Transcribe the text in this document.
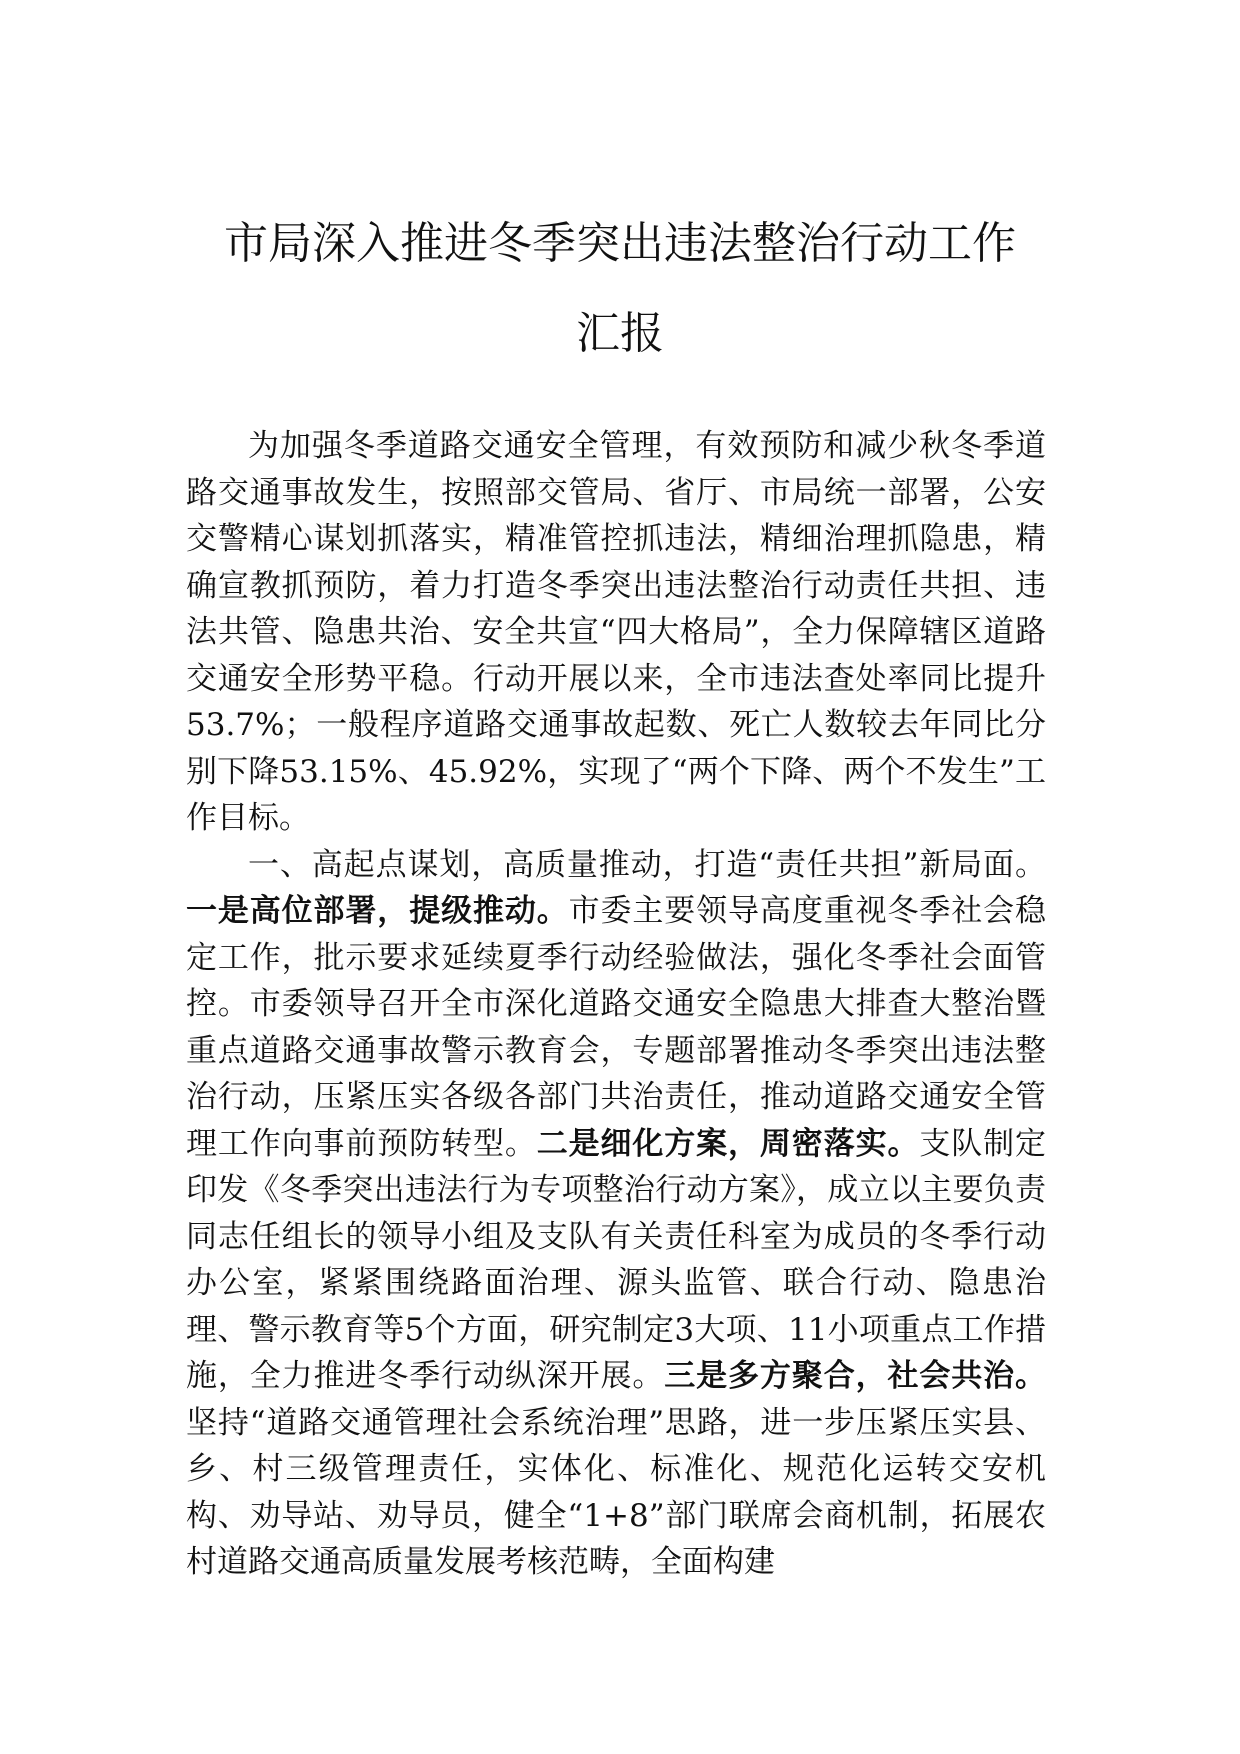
市局深入推进冬季突出违法整治行动工作
汇报

为加强冬季道路交通安全管理，有效预防和减少秋冬季道路交通事故发生，按照部交管局、省厅、市局统一部署，公安交警精心谋划抓落实，精准管控抓违法，精细治理抓隐患，精确宣教抓预防，着力打造冬季突出违法整治行动责任共担、违法共管、隐患共治、安全共宣“四大格局”，全力保障辖区道路交通安全形势平稳。行动开展以来，全市违法查处率同比提升53.7%；一般程序道路交通事故起数、死亡人数较去年同比分别下降53.15%、45.92%，实现了“两个下降、两个不发生”工作目标。

一、高起点谋划，高质量推动，打造“责任共担”新局面。一是高位部署，提级推动。市委主要领导高度重视冬季社会稳定工作，批示要求延续夏季行动经验做法，强化冬季社会面管控。市委领导召开全市深化道路交通安全隐患大排查大整治暨重点道路交通事故警示教育会，专题部署推动冬季突出违法整治行动，压紧压实各级各部门共治责任，推动道路交通安全管理工作向事前预防转型。二是细化方案，周密落实。支队制定印发《冬季突出违法行为专项整治行动方案》，成立以主要负责同志任组长的领导小组及支队有关责任科室为成员的冬季行动办公室，紧紧围绕路面治理、源头监管、联合行动、隐患治理、警示教育等5个方面，研究制定3大项、11小项重点工作措施，全力推进冬季行动纵深开展。三是多方聚合，社会共治。坚持“道路交通管理社会系统治理”思路，进一步压紧压实县、乡、村三级管理责任，实体化、标准化、规范化运转交安机构、劝导站、劝导员，健全“1+8”部门联席会商机制，拓展农村道路交通高质量发展考核范畴，全面构建
